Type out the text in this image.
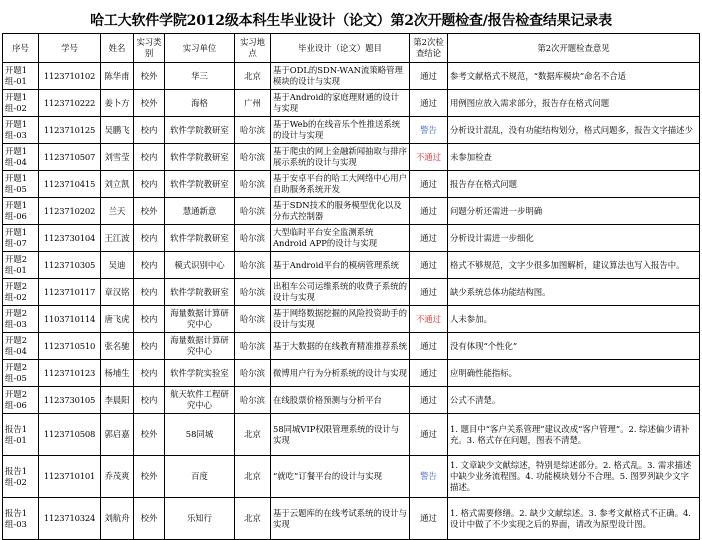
哈工大软件学院2012级本科生毕业设计（论文）第2次开题检查/报告检查结果记录表
序号	学号	姓名	实习类别	实习单位	实习地点	毕业设计（论文）题目	第2次检查结论	第2次开题检查意见
开题1组-01	1123710102	陈华甫	校外	华三	北京	基于ODL的SDN-WAN流策略管理模块的设计与实现	通过	参考文献格式不规范，“数据库模块”命名不合适
开题1组-02	1123710222	姜卜方	校外	海格	广州	基于Android的家庭理财通的设计与实现	通过	用例图应放入需求部分，报告存在格式问题
开题1组-03	1123710125	吴鹏飞	校内	软件学院教研室	哈尔滨	基于Web的在线音乐个性推送系统的设计与实现	警告	分析设计混乱，没有功能结构划分，格式问题多，报告文字描述少
开题1组-04	1123710507	刘雪莹	校内	软件学院教研室	哈尔滨	基于爬虫的网上金融新闻抽取与排序展示系统的设计与实现	不通过	未参加检查
开题1组-05	1123710415	刘立凯	校内	软件学院教研室	哈尔滨	基于安卓平台的哈工大网络中心用户自助服务系统开发	通过	报告存在格式问题
开题1组-06	1123710202	兰天	校外	慧通新意	哈尔滨	基于SDN技术的服务模型优化以及分布式控制器	通过	问题分析还需进一步明确
开题1组-07	1123730104	王江波	校内	软件学院教研室	哈尔滨	大型临时平台安全监测系统Android APP的设计与实现	通过	分析设计需进一步细化
开题2组-01	1123710305	吴迪	校内	模式识别中心	哈尔滨	基于Android平台的模病管理系统	通过	格式不够规范，文字少很多加图解析，建议算法也写入报告中。
开题2组-02	1123710117	章汉铭	校内	软件学院教研室	哈尔滨	出租车公司运维系统的收费子系统的设计与实现	通过	缺少系统总体功能结构图。
开题2组-03	1103710114	唐飞虎	校内	海量数据计算研究中心	哈尔滨	基于网络数据挖掘的风险投资助手的设计与实现	不通过	人未参加。
开题2组-04	1123710510	张名驰	校内	海量数据计算研究中心	哈尔滨	基于大数据的在线教育精准推荐系统	通过	没有体现“个性化”
开题2组-05	1123710123	杨埔生	校内	软件学院实验室	哈尔滨	微博用户行为分析系统的设计与实现	通过	应明确性能指标。
开题2组-06	1123730105	李晨阳	校内	航天软件工程研究中心	哈尔滨	在线股票价格预测与分析平台	通过	公式不清楚。
报告1组-01	1123710508	郭启嘉	校外	58同城	北京	58同城VIP权限管理系统的设计与实现	通过	1. 题目中“客户关系管理”建议改成“客户管理”。2. 综述偏少请补充。3. 格式存在问题，图表不清楚。
报告1组-02	1123710101	乔茂爽	校外	百度	北京	“就吃”订餐平台的设计与实现	警告	1. 文章缺少文献综述，特别是综述部分。2. 格式乱。3. 需求描述中缺少业务流程图。4. 功能模块划分不合理。5. 图罗列缺少文字描述。
报告1组-03	1123710324	刘航舟	校外	乐知行	北京	基于云题库的在线考试系统的设计与实现	通过	1. 格式需要修缮。2. 缺少文献综述。3. 参考文献格式不正确。4. 设计中做了不少实现之后的界面，请改为原型设计图。
